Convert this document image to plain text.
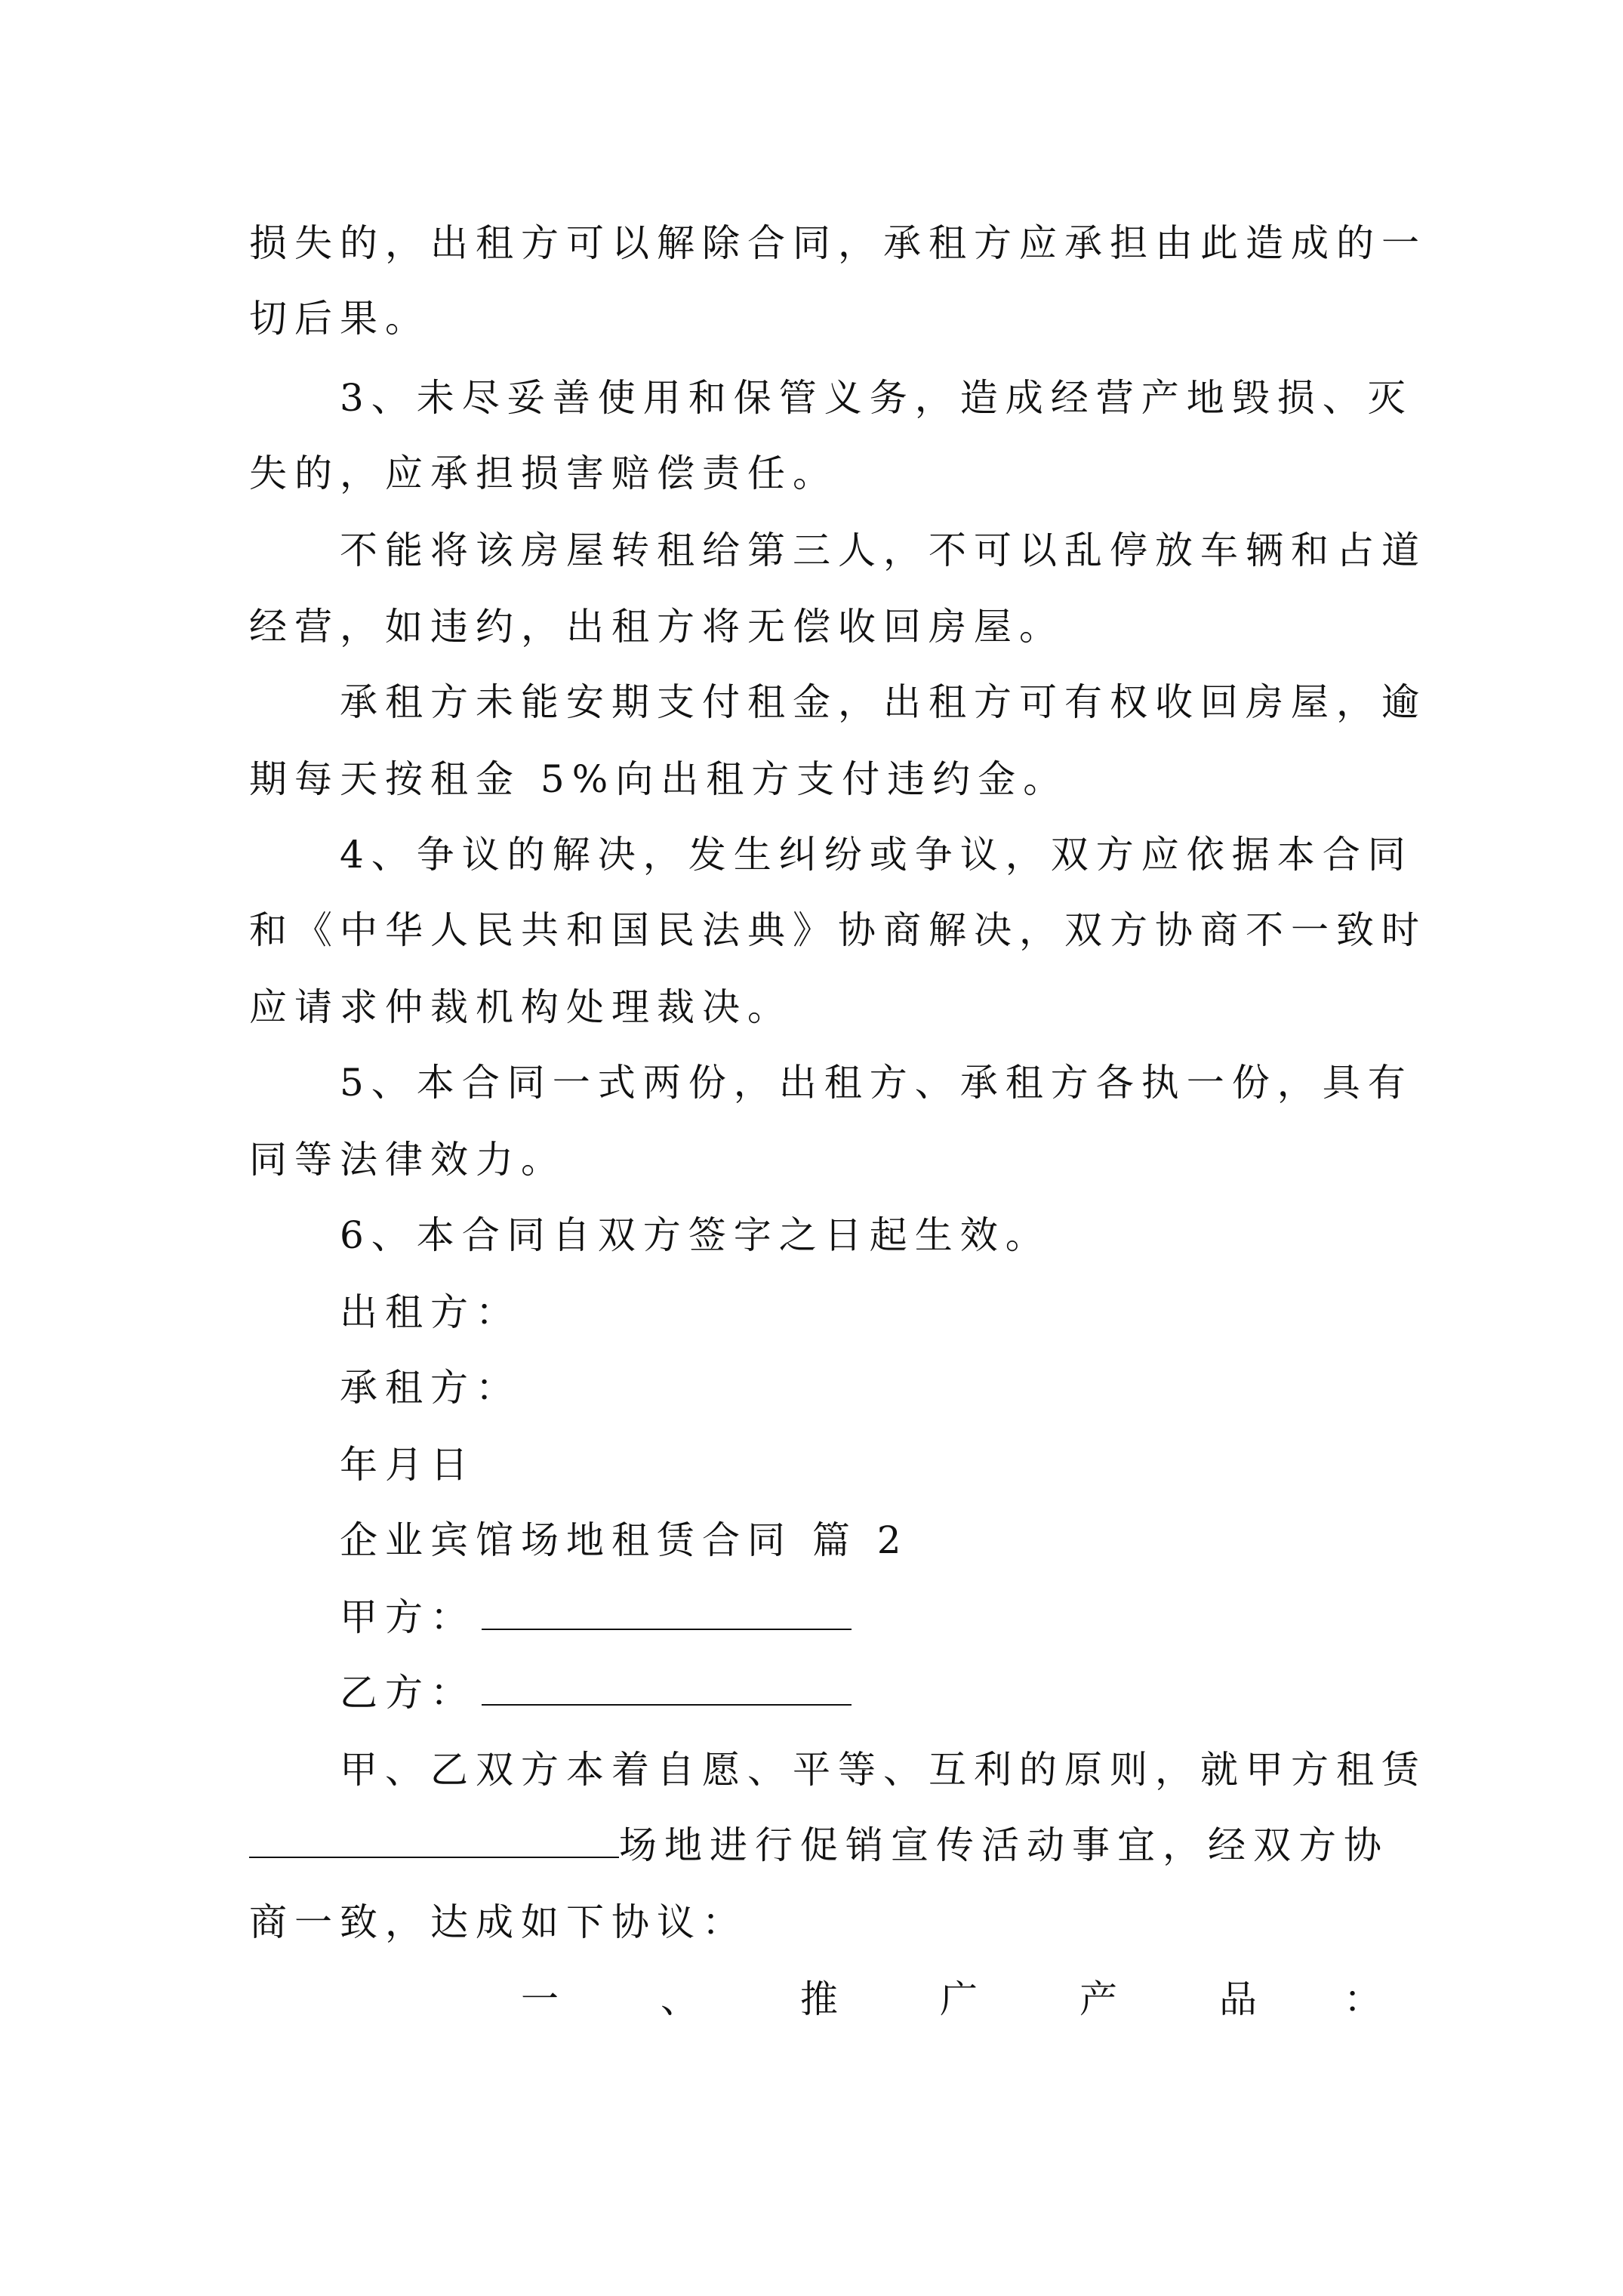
损失的，出租方可以解除合同，承租方应承担由此造成的一
切后果。
3、未尽妥善使用和保管义务，造成经营产地毁损、灭
失的，应承担损害赔偿责任。
不能将该房屋转租给第三人，不可以乱停放车辆和占道
经营，如违约，出租方将无偿收回房屋。
承租方未能安期支付租金，出租方可有权收回房屋，逾
期每天按租金 5%向出租方支付违约金。
4、争议的解决，发生纠纷或争议，双方应依据本合同
和《中华人民共和国民法典》协商解决，双方协商不一致时
应请求仲裁机构处理裁决。
5、本合同一式两份，出租方、承租方各执一份，具有
同等法律效力。
6、本合同自双方签字之日起生效。
出租方：
承租方：
年月日
企业宾馆场地租赁合同 篇 2
甲方：
乙方：
甲、乙双方本着自愿、平等、互利的原则，就甲方租赁
场地进行促销宣传活动事宜，经双方协
商一致，达成如下协议：
一	、	推	广	产	品 ：
